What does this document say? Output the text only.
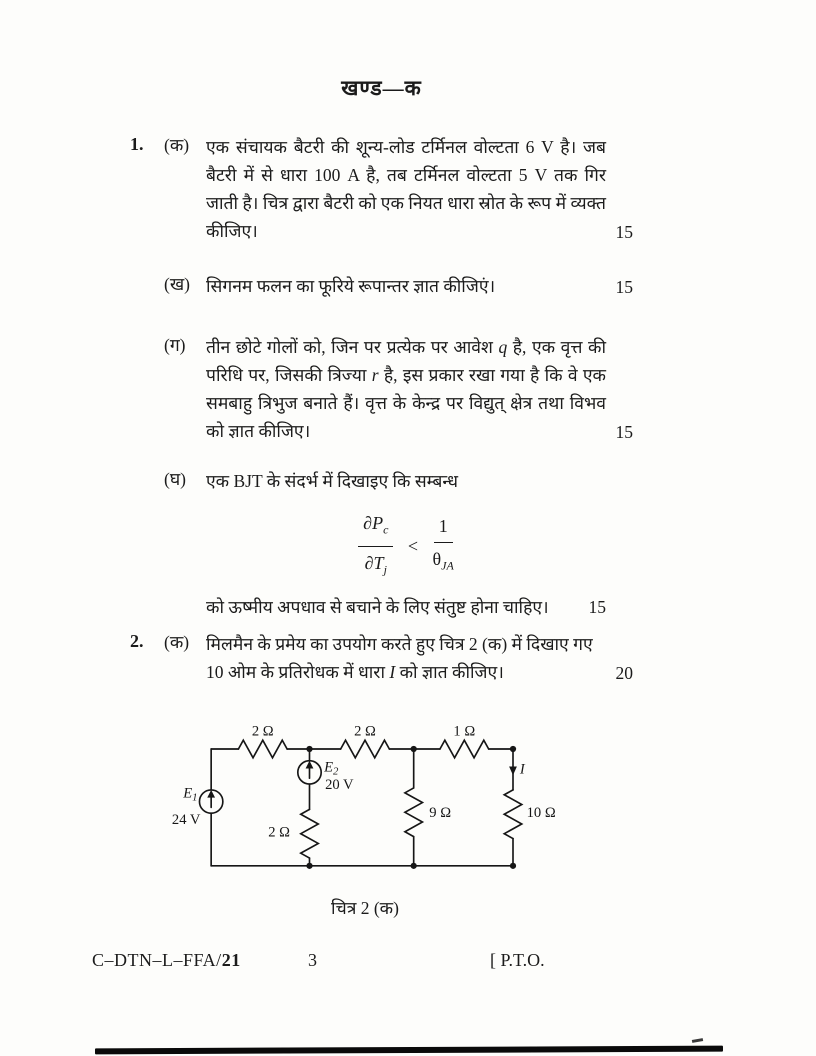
खण्ड—क
1.	(क) एक संचायक बैटरी की शून्य-लोड टर्मिनल वोल्टता 6 V है। जब बैटरी में से धारा 100 A है, तब टर्मिनल वोल्टता 5 V तक गिर जाती है। चित्र द्वारा बैटरी को एक नियत धारा स्रोत के रूप में व्यक्त कीजिए।	15
(ख) सिगनम फलन का फूरिये रूपान्तर ज्ञात कीजिएं।	15
(ग)	तीन छोटे गोलों को, जिन पर प्रत्येक पर आवेश q है, एक वृत्त की परिधि पर, जिसकी त्रिज्या r है, इस प्रकार रखा गया है कि वे एक समबाहु त्रिभुज बनाते हैं। वृत्त के केन्द्र पर विद्युत् क्षेत्र तथा विभव को ज्ञात कीजिए।	15
(घ)	एक BJT के संदर्भ में दिखाइए कि सम्बन्ध
$\frac{\partial P_c}{\partial T_j} < \frac{1}{\theta_{JA}}$
को ऊष्मीय अपधाव से बचाने के लिए संतुष्ट होना चाहिए।	15
2.	(क) मिलमैन के प्रमेय का उपयोग करते हुए चित्र 2 (क) में दिखाए गए 10 ओम के प्रतिरोधक में धारा I को ज्ञात कीजिए।	20
2 Ω	2 Ω	1 Ω
2 Ω
9 Ω	10 Ω
$E_1$
24 V
$E_2$
20 V
I
चित्र 2 (क)
C–DTN–L–FFA/21	3	[ P.T.O.
